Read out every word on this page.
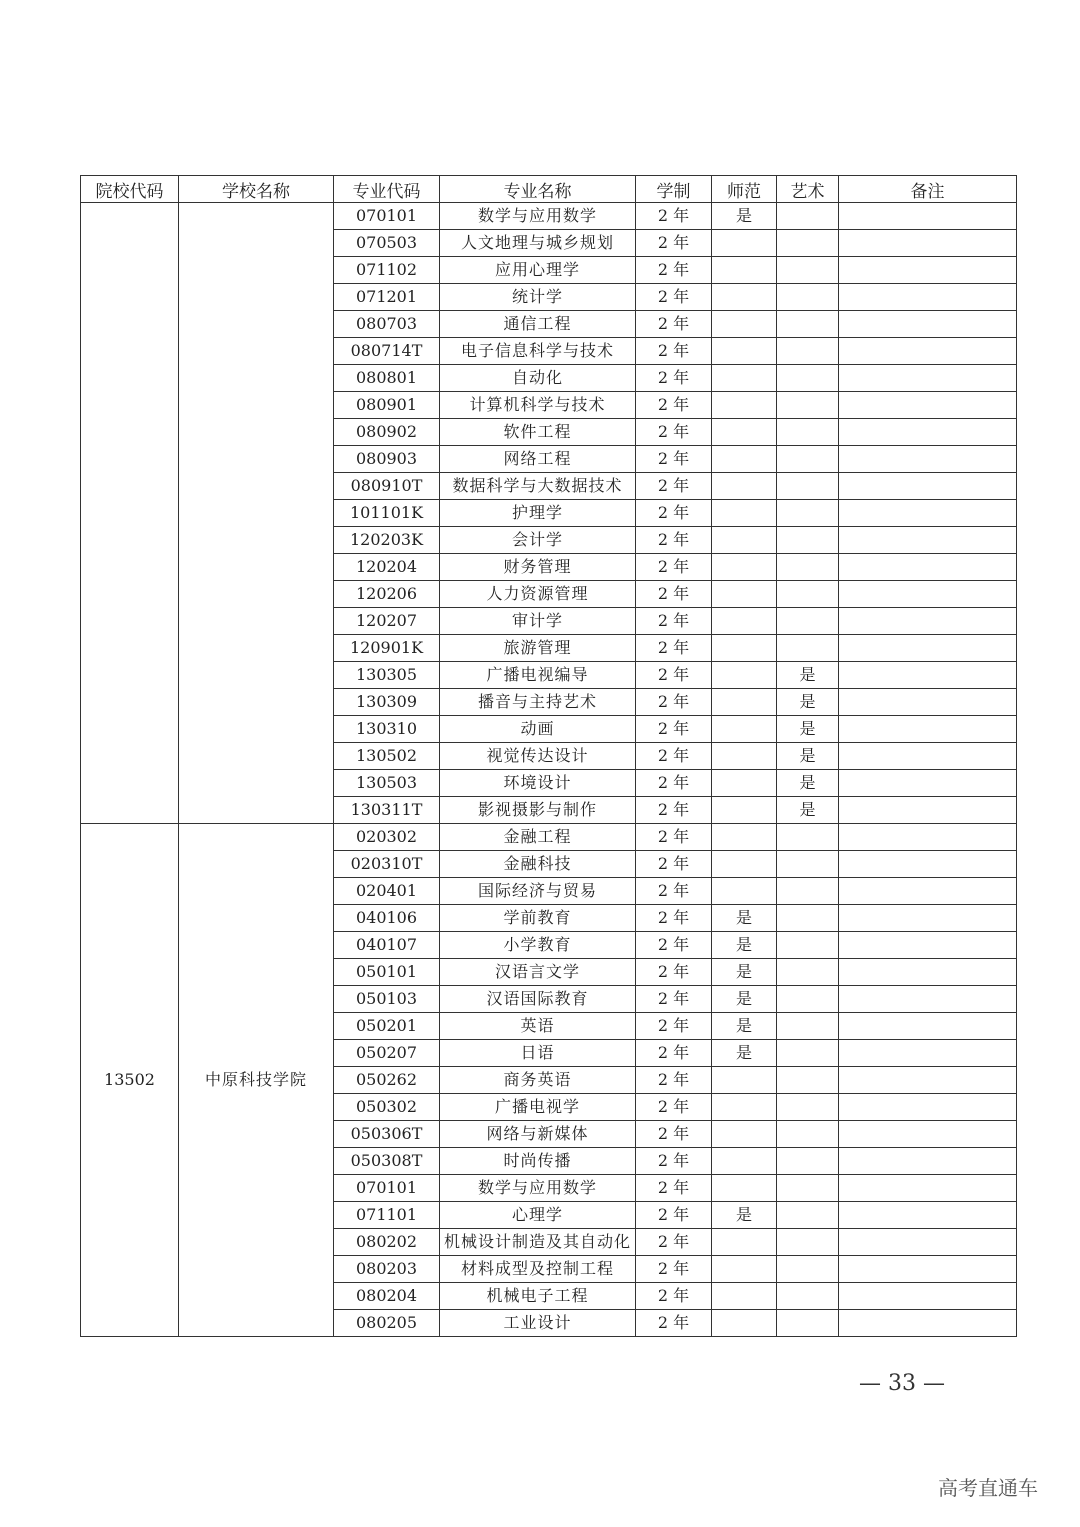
院校代码	学校名称	专业代码	专业名称	学制	师范	艺术	备注
		070101	数学与应用数学	2 年	是		
		070503	人文地理与城乡规划	2 年			
		071102	应用心理学	2 年			
		071201	统计学	2 年			
		080703	通信工程	2 年			
		080714T	电子信息科学与技术	2 年			
		080801	自动化	2 年			
		080901	计算机科学与技术	2 年			
		080902	软件工程	2 年			
		080903	网络工程	2 年			
		080910T	数据科学与大数据技术	2 年			
		101101K	护理学	2 年			
		120203K	会计学	2 年			
		120204	财务管理	2 年			
		120206	人力资源管理	2 年			
		120207	审计学	2 年			
		120901K	旅游管理	2 年			
		130305	广播电视编导	2 年		是	
		130309	播音与主持艺术	2 年		是	
		130310	动画	2 年		是	
		130502	视觉传达设计	2 年		是	
		130503	环境设计	2 年		是	
		130311T	影视摄影与制作	2 年		是	
13502	中原科技学院	020302	金融工程	2 年			
		020310T	金融科技	2 年			
		020401	国际经济与贸易	2 年			
		040106	学前教育	2 年	是		
		040107	小学教育	2 年	是		
		050101	汉语言文学	2 年	是		
		050103	汉语国际教育	2 年	是		
		050201	英语	2 年	是		
		050207	日语	2 年	是		
		050262	商务英语	2 年			
		050302	广播电视学	2 年			
		050306T	网络与新媒体	2 年			
		050308T	时尚传播	2 年			
		070101	数学与应用数学	2 年			
		071101	心理学	2 年	是		
		080202	机械设计制造及其自动化	2 年			
		080203	材料成型及控制工程	2 年			
		080204	机械电子工程	2 年			
		080205	工业设计	2 年			
— 33 —
高考直通车
